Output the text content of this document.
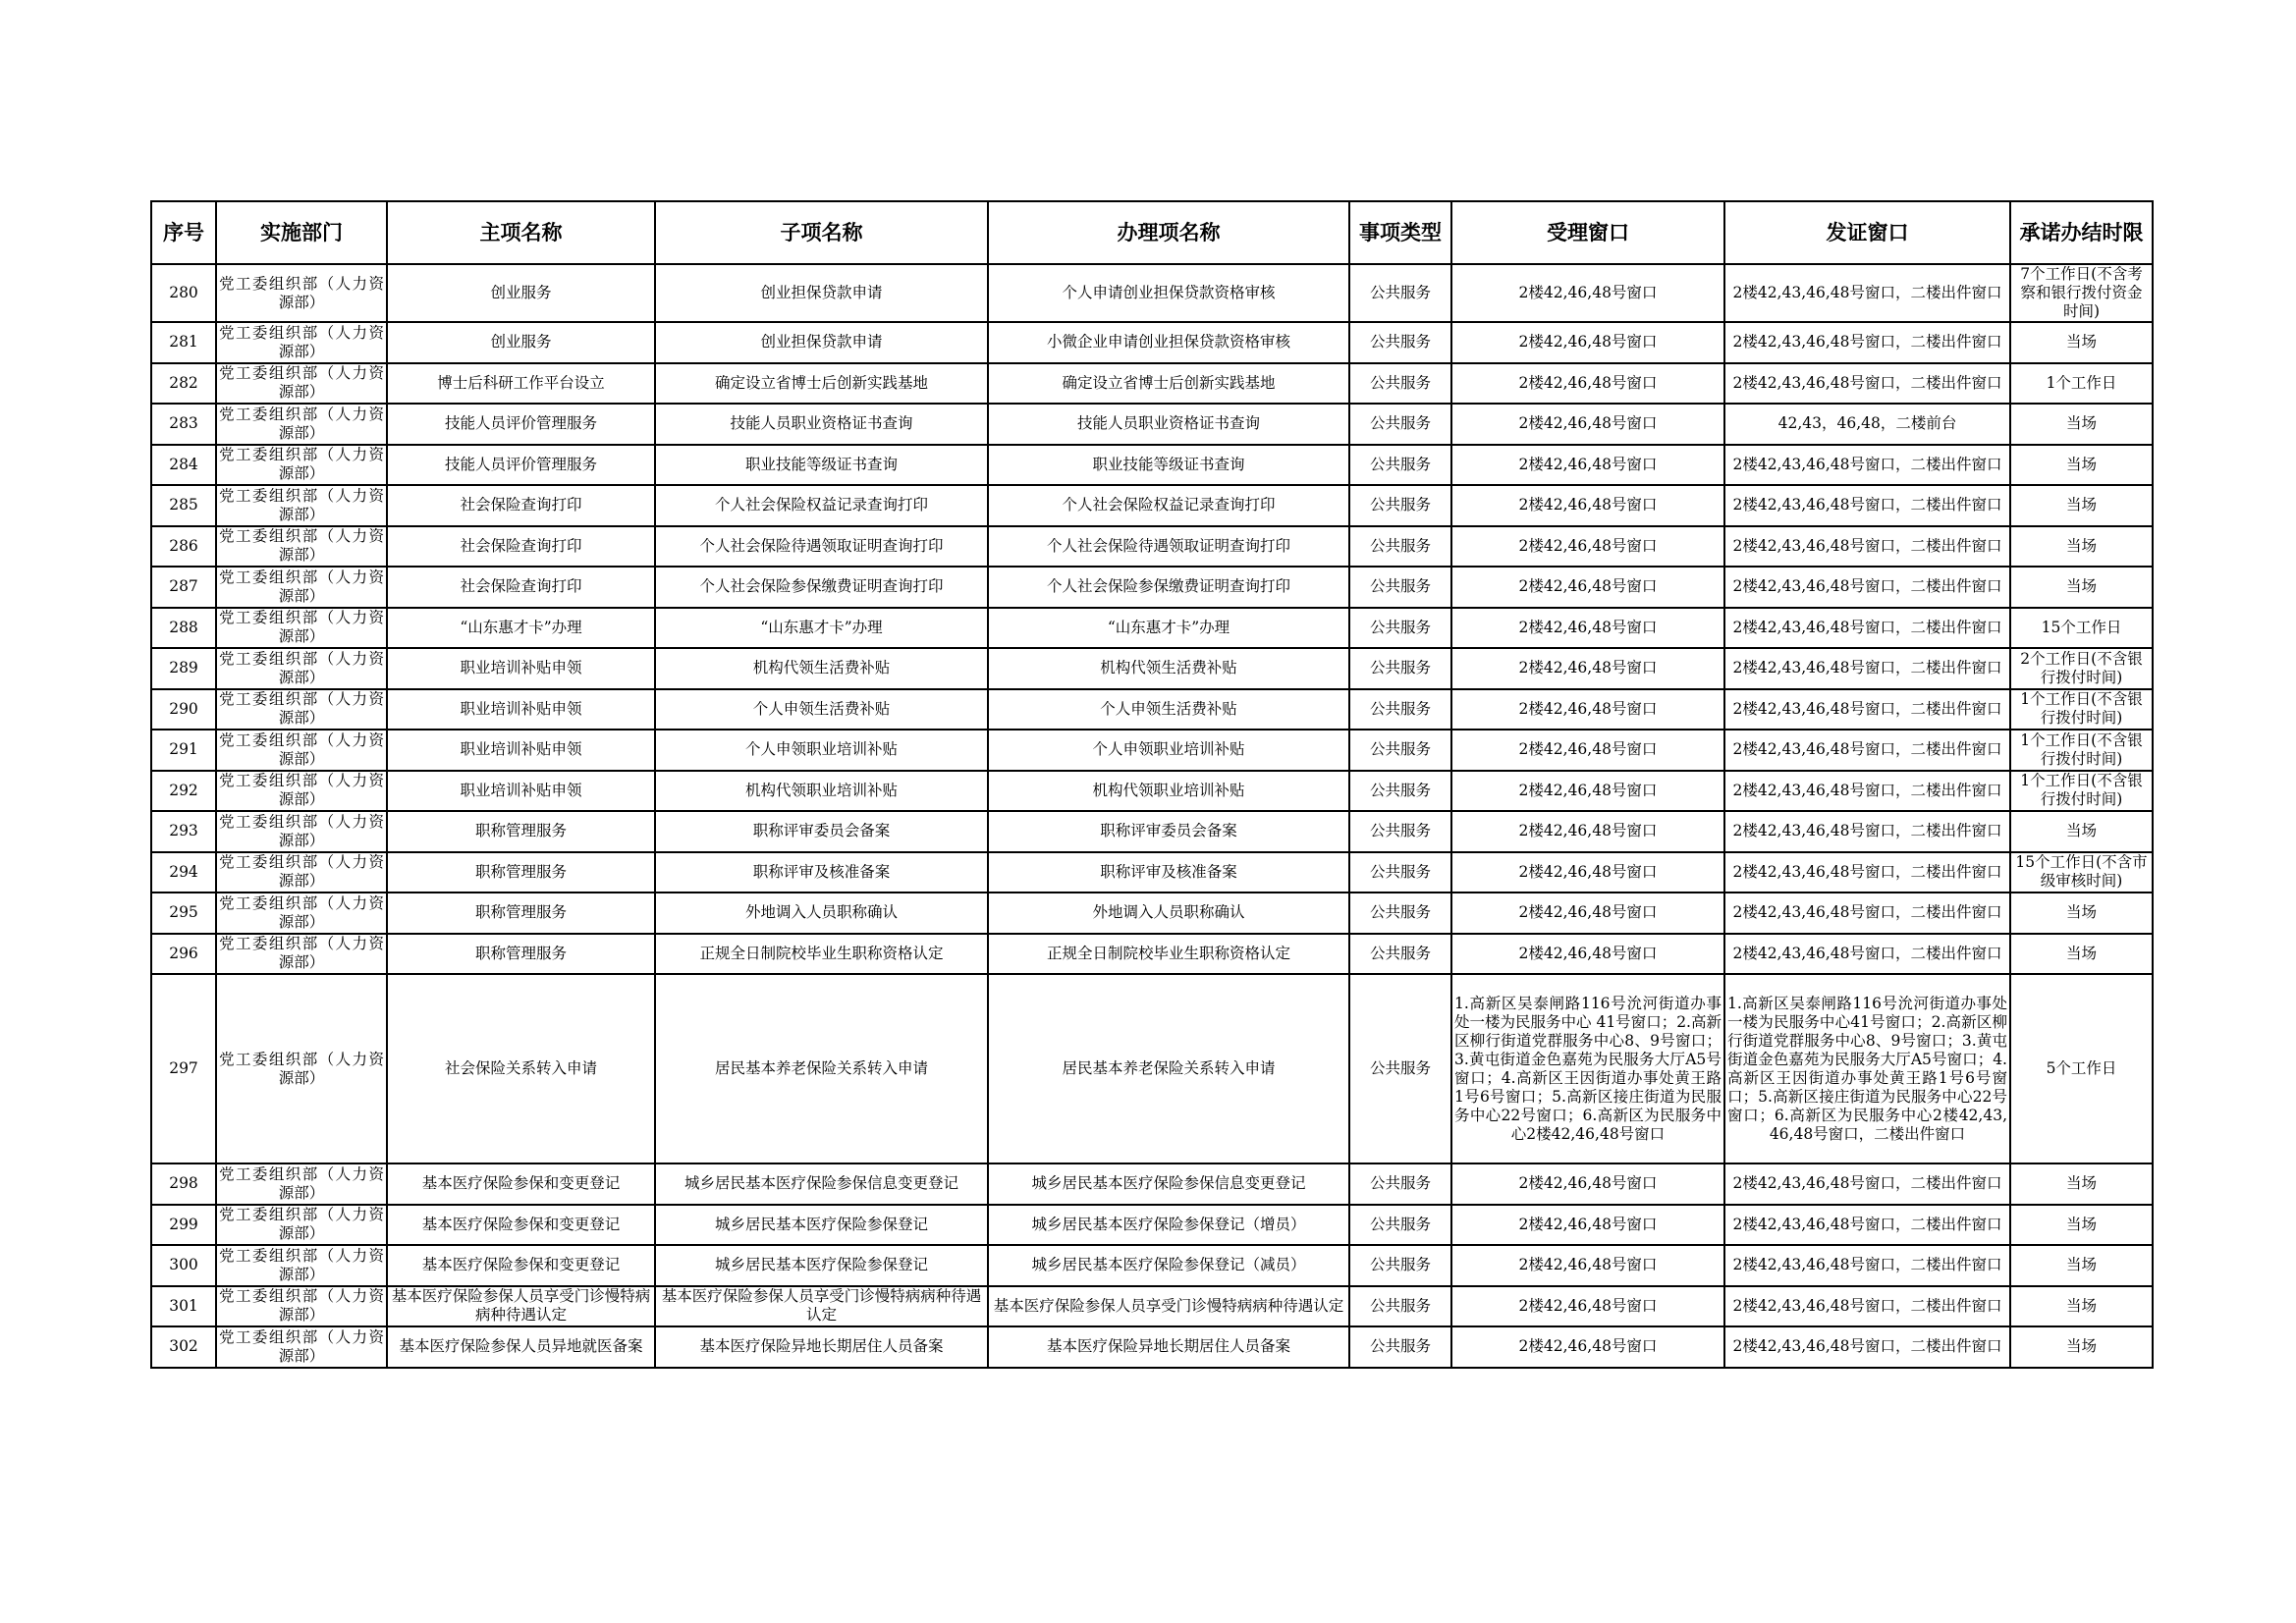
序号	实施部门	主项名称	子项名称	办理项名称	事项类型	受理窗口	发证窗口	承诺办结时限
280	党工委组织部（人力资源部）	创业服务	创业担保贷款申请	个人申请创业担保贷款资格审核	公共服务	2楼42,46,48号窗口	2楼42,43,46,48号窗口，二楼出件窗口	7个工作日(不含考察和银行拨付资金时间)
281	党工委组织部（人力资源部）	创业服务	创业担保贷款申请	小微企业申请创业担保贷款资格审核	公共服务	2楼42,46,48号窗口	2楼42,43,46,48号窗口，二楼出件窗口	当场
282	党工委组织部（人力资源部）	博士后科研工作平台设立	确定设立省博士后创新实践基地	确定设立省博士后创新实践基地	公共服务	2楼42,46,48号窗口	2楼42,43,46,48号窗口，二楼出件窗口	1个工作日
283	党工委组织部（人力资源部）	技能人员评价管理服务	技能人员职业资格证书查询	技能人员职业资格证书查询	公共服务	2楼42,46,48号窗口	42,43，46,48，二楼前台	当场
284	党工委组织部（人力资源部）	技能人员评价管理服务	职业技能等级证书查询	职业技能等级证书查询	公共服务	2楼42,46,48号窗口	2楼42,43,46,48号窗口，二楼出件窗口	当场
285	党工委组织部（人力资源部）	社会保险查询打印	个人社会保险权益记录查询打印	个人社会保险权益记录查询打印	公共服务	2楼42,46,48号窗口	2楼42,43,46,48号窗口，二楼出件窗口	当场
286	党工委组织部（人力资源部）	社会保险查询打印	个人社会保险待遇领取证明查询打印	个人社会保险待遇领取证明查询打印	公共服务	2楼42,46,48号窗口	2楼42,43,46,48号窗口，二楼出件窗口	当场
287	党工委组织部（人力资源部）	社会保险查询打印	个人社会保险参保缴费证明查询打印	个人社会保险参保缴费证明查询打印	公共服务	2楼42,46,48号窗口	2楼42,43,46,48号窗口，二楼出件窗口	当场
288	党工委组织部（人力资源部）	“山东惠才卡”办理	“山东惠才卡”办理	“山东惠才卡”办理	公共服务	2楼42,46,48号窗口	2楼42,43,46,48号窗口，二楼出件窗口	15个工作日
289	党工委组织部（人力资源部）	职业培训补贴申领	机构代领生活费补贴	机构代领生活费补贴	公共服务	2楼42,46,48号窗口	2楼42,43,46,48号窗口，二楼出件窗口	2个工作日(不含银行拨付时间)
290	党工委组织部（人力资源部）	职业培训补贴申领	个人申领生活费补贴	个人申领生活费补贴	公共服务	2楼42,46,48号窗口	2楼42,43,46,48号窗口，二楼出件窗口	1个工作日(不含银行拨付时间)
291	党工委组织部（人力资源部）	职业培训补贴申领	个人申领职业培训补贴	个人申领职业培训补贴	公共服务	2楼42,46,48号窗口	2楼42,43,46,48号窗口，二楼出件窗口	1个工作日(不含银行拨付时间)
292	党工委组织部（人力资源部）	职业培训补贴申领	机构代领职业培训补贴	机构代领职业培训补贴	公共服务	2楼42,46,48号窗口	2楼42,43,46,48号窗口，二楼出件窗口	1个工作日(不含银行拨付时间)
293	党工委组织部（人力资源部）	职称管理服务	职称评审委员会备案	职称评审委员会备案	公共服务	2楼42,46,48号窗口	2楼42,43,46,48号窗口，二楼出件窗口	当场
294	党工委组织部（人力资源部）	职称管理服务	职称评审及核准备案	职称评审及核准备案	公共服务	2楼42,46,48号窗口	2楼42,43,46,48号窗口，二楼出件窗口	15个工作日(不含市级审核时间)
295	党工委组织部（人力资源部）	职称管理服务	外地调入人员职称确认	外地调入人员职称确认	公共服务	2楼42,46,48号窗口	2楼42,43,46,48号窗口，二楼出件窗口	当场
296	党工委组织部（人力资源部）	职称管理服务	正规全日制院校毕业生职称资格认定	正规全日制院校毕业生职称资格认定	公共服务	2楼42,46,48号窗口	2楼42,43,46,48号窗口，二楼出件窗口	当场
297	党工委组织部（人力资源部）	社会保险关系转入申请	居民基本养老保险关系转入申请	居民基本养老保险关系转入申请	公共服务	1.高新区吴泰闸路116号沇河街道办事处一楼为民服务中心 41号窗口；2.高新区柳行街道党群服务中心8、9号窗口；3.黄屯街道金色嘉苑为民服务大厅A5号窗口；4.高新区王因街道办事处黄王路1号6号窗口；5.高新区接庄街道为民服务中心22号窗口；6.高新区为民服务中心2楼42,46,48号窗口	1.高新区吴泰闸路116号沇河街道办事处一楼为民服务中心41号窗口；2.高新区柳行街道党群服务中心8、9号窗口；3.黄屯街道金色嘉苑为民服务大厅A5号窗口；4.高新区王因街道办事处黄王路1号6号窗口；5.高新区接庄街道为民服务中心22号窗口；6.高新区为民服务中心2楼42,43,46,48号窗口，二楼出件窗口	5个工作日
298	党工委组织部（人力资源部）	基本医疗保险参保和变更登记	城乡居民基本医疗保险参保信息变更登记	城乡居民基本医疗保险参保信息变更登记	公共服务	2楼42,46,48号窗口	2楼42,43,46,48号窗口，二楼出件窗口	当场
299	党工委组织部（人力资源部）	基本医疗保险参保和变更登记	城乡居民基本医疗保险参保登记	城乡居民基本医疗保险参保登记（增员）	公共服务	2楼42,46,48号窗口	2楼42,43,46,48号窗口，二楼出件窗口	当场
300	党工委组织部（人力资源部）	基本医疗保险参保和变更登记	城乡居民基本医疗保险参保登记	城乡居民基本医疗保险参保登记（减员）	公共服务	2楼42,46,48号窗口	2楼42,43,46,48号窗口，二楼出件窗口	当场
301	党工委组织部（人力资源部）	基本医疗保险参保人员享受门诊慢特病病种待遇认定	基本医疗保险参保人员享受门诊慢特病病种待遇认定	基本医疗保险参保人员享受门诊慢特病病种待遇认定	公共服务	2楼42,46,48号窗口	2楼42,43,46,48号窗口，二楼出件窗口	当场
302	党工委组织部（人力资源部）	基本医疗保险参保人员异地就医备案	基本医疗保险异地长期居住人员备案	基本医疗保险异地长期居住人员备案	公共服务	2楼42,46,48号窗口	2楼42,43,46,48号窗口，二楼出件窗口	当场
